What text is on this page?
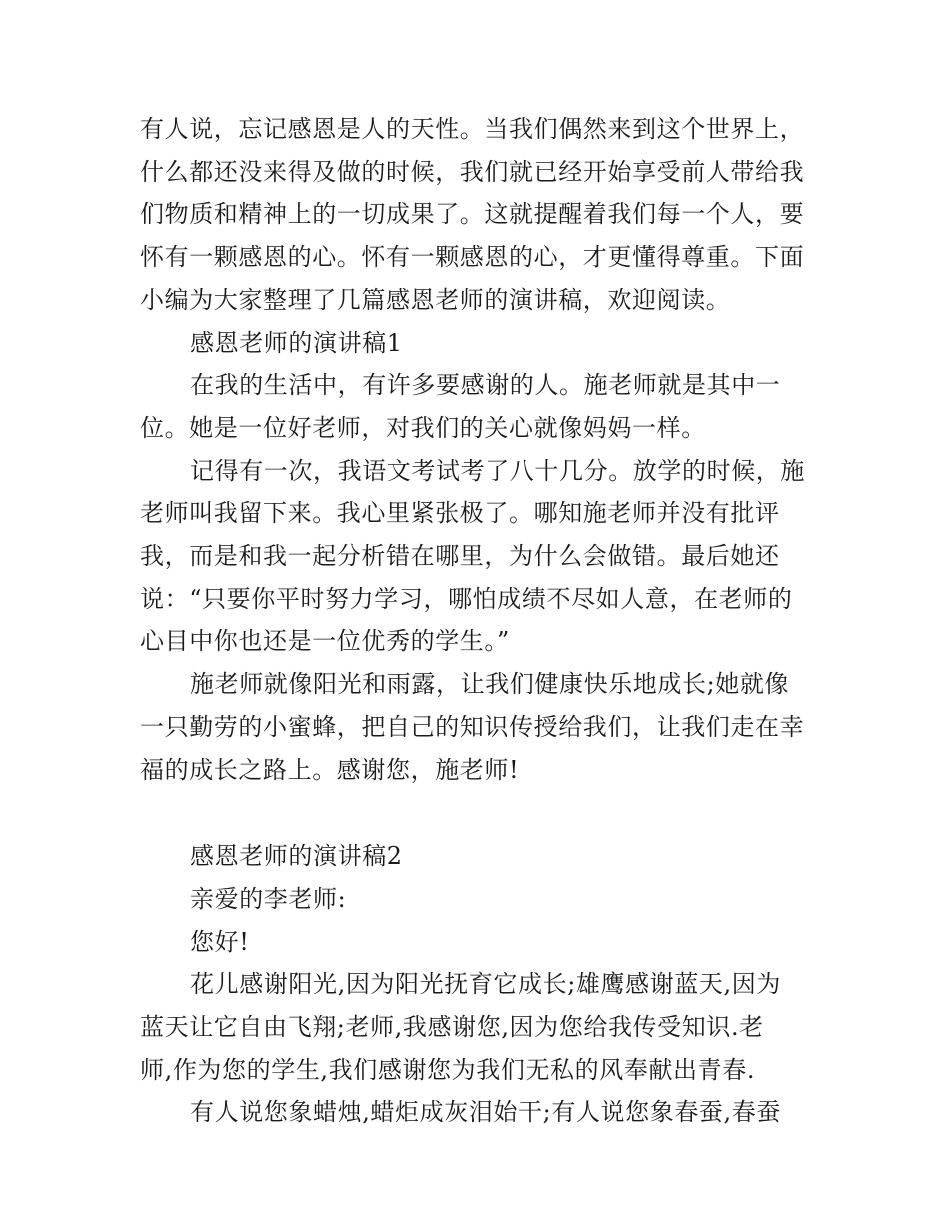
有人说，忘记感恩是人的天性。当我们偶然来到这个世界上，
什么都还没来得及做的时候，我们就已经开始享受前人带给我
们物质和精神上的一切成果了。这就提醒着我们每一个人，要
怀有一颗感恩的心。怀有一颗感恩的心，才更懂得尊重。下面
小编为大家整理了几篇感恩老师的演讲稿，欢迎阅读。

感恩老师的演讲稿1

在我的生活中，有许多要感谢的人。施老师就是其中一
位。她是一位好老师，对我们的关心就像妈妈一样。

记得有一次，我语文考试考了八十几分。放学的时候，施
老师叫我留下来。我心里紧张极了。哪知施老师并没有批评
我，而是和我一起分析错在哪里，为什么会做错。最后她还
说：“只要你平时努力学习，哪怕成绩不尽如人意，在老师的
心目中你也还是一位优秀的学生。”

施老师就像阳光和雨露，让我们健康快乐地成长;她就像
一只勤劳的小蜜蜂，把自己的知识传授给我们，让我们走在幸
福的成长之路上。感谢您，施老师!

感恩老师的演讲稿2

亲爱的李老师:

您好!

花儿感谢阳光,因为阳光抚育它成长;雄鹰感谢蓝天,因为
蓝天让它自由飞翔;老师,我感谢您,因为您给我传受知识.老
师,作为您的学生,我们感谢您为我们无私的风奉献出青春.

有人说您象蜡烛,蜡炬成灰泪始干;有人说您象春蚕,春蚕
